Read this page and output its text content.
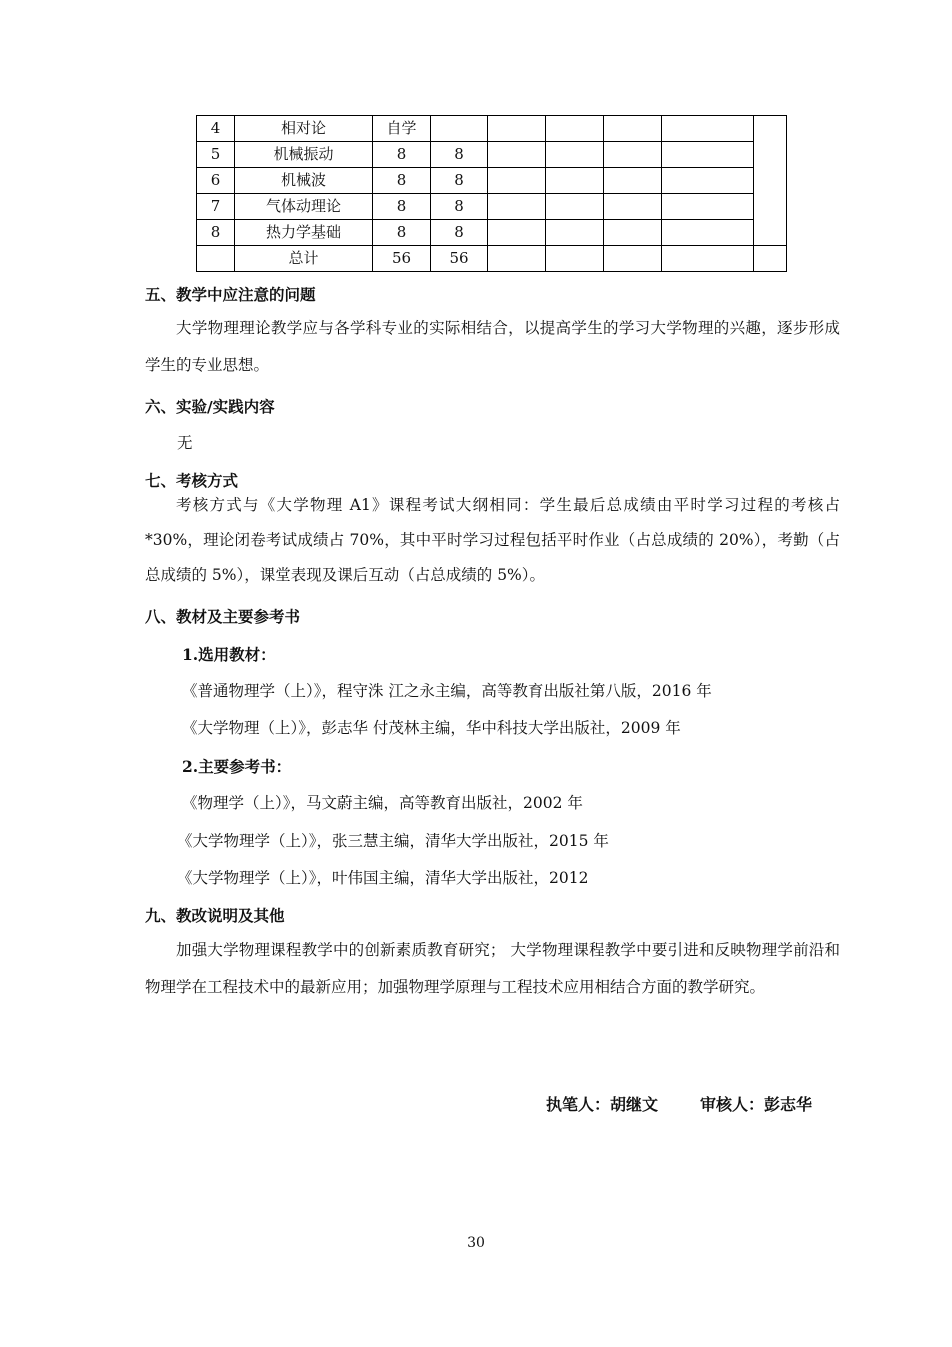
4	相对论	自学						
5	机械振动	8	8					
6	机械波	8	8					
7	气体动理论	8	8					
8	热力学基础	8	8					
	总计	56	56					
五、教学中应注意的问题

大学物理理论教学应与各学科专业的实际相结合，以提高学生的学习大学物理的兴趣，逐步形成学生的专业思想。

六、实验/实践内容
无
七、考核方式

考核方式与《大学物理 A1》课程考试大纲相同：学生最后总成绩由平时学习过程的考核占*30%，理论闭卷考试成绩占 70%，其中平时学习过程包括平时作业（占总成绩的 20%），考勤（占总成绩的 5%），课堂表现及课后互动（占总成绩的 5%）。

八、教材及主要参考书
1.选用教材：
《普通物理学（上）》，程守洙 江之永主编，高等教育出版社第八版，2016 年
《大学物理（上）》，彭志华 付茂林主编，华中科技大学出版社，2009 年
2.主要参考书：
《物理学（上）》，马文蔚主编，高等教育出版社，2002 年
《大学物理学（上）》，张三慧主编，清华大学出版社，2015 年
《大学物理学（上）》，叶伟国主编，清华大学出版社，2012
九、教改说明及其他

加强大学物理课程教学中的创新素质教育研究； 大学物理课程教学中要引进和反映物理学前沿和物理学在工程技术中的最新应用；加强物理学原理与工程技术应用相结合方面的教学研究。

执笔人：胡继文	审核人：彭志华
30
